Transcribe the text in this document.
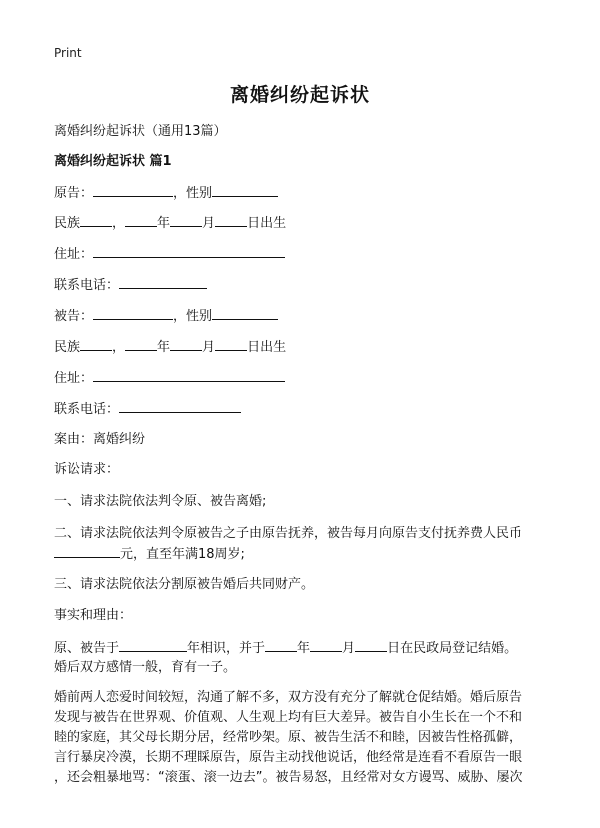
Print
离婚纠纷起诉状
离婚纠纷起诉状（通用13篇）
离婚纠纷起诉状 篇1
原告：	，性别
民族 ， 年 月 日出生
住址：
联系电话：
被告：	，性别
民族 ， 年 月 日出生
住址：
联系电话：
案由：离婚纠纷
诉讼请求：
一、请求法院依法判令原、被告离婚;
二、请求法院依法判令原被告之子由原告抚养，被告每月向原告支付抚养费人民币
元，直至年满18周岁;
三、请求法院依法分割原被告婚后共同财产。
事实和理由：
原、被告于	年相识，并于 年 月 日在民政局登记结婚。
婚后双方感情一般，育有一子。
婚前两人恋爱时间较短，沟通了解不多，双方没有充分了解就仓促结婚。婚后原告
发现与被告在世界观、价值观、人生观上均有巨大差异。被告自小生长在一个不和
睦的家庭，其父母长期分居，经常吵架。原、被告生活不和睦，因被告性格孤僻，
言行暴戾冷漠，长期不理睬原告，原告主动找他说话，他经常是连看不看原告一眼
，还会粗暴地骂：“滚蛋、滚一边去”。被告易怒，且经常对女方谩骂、威胁、屡次
